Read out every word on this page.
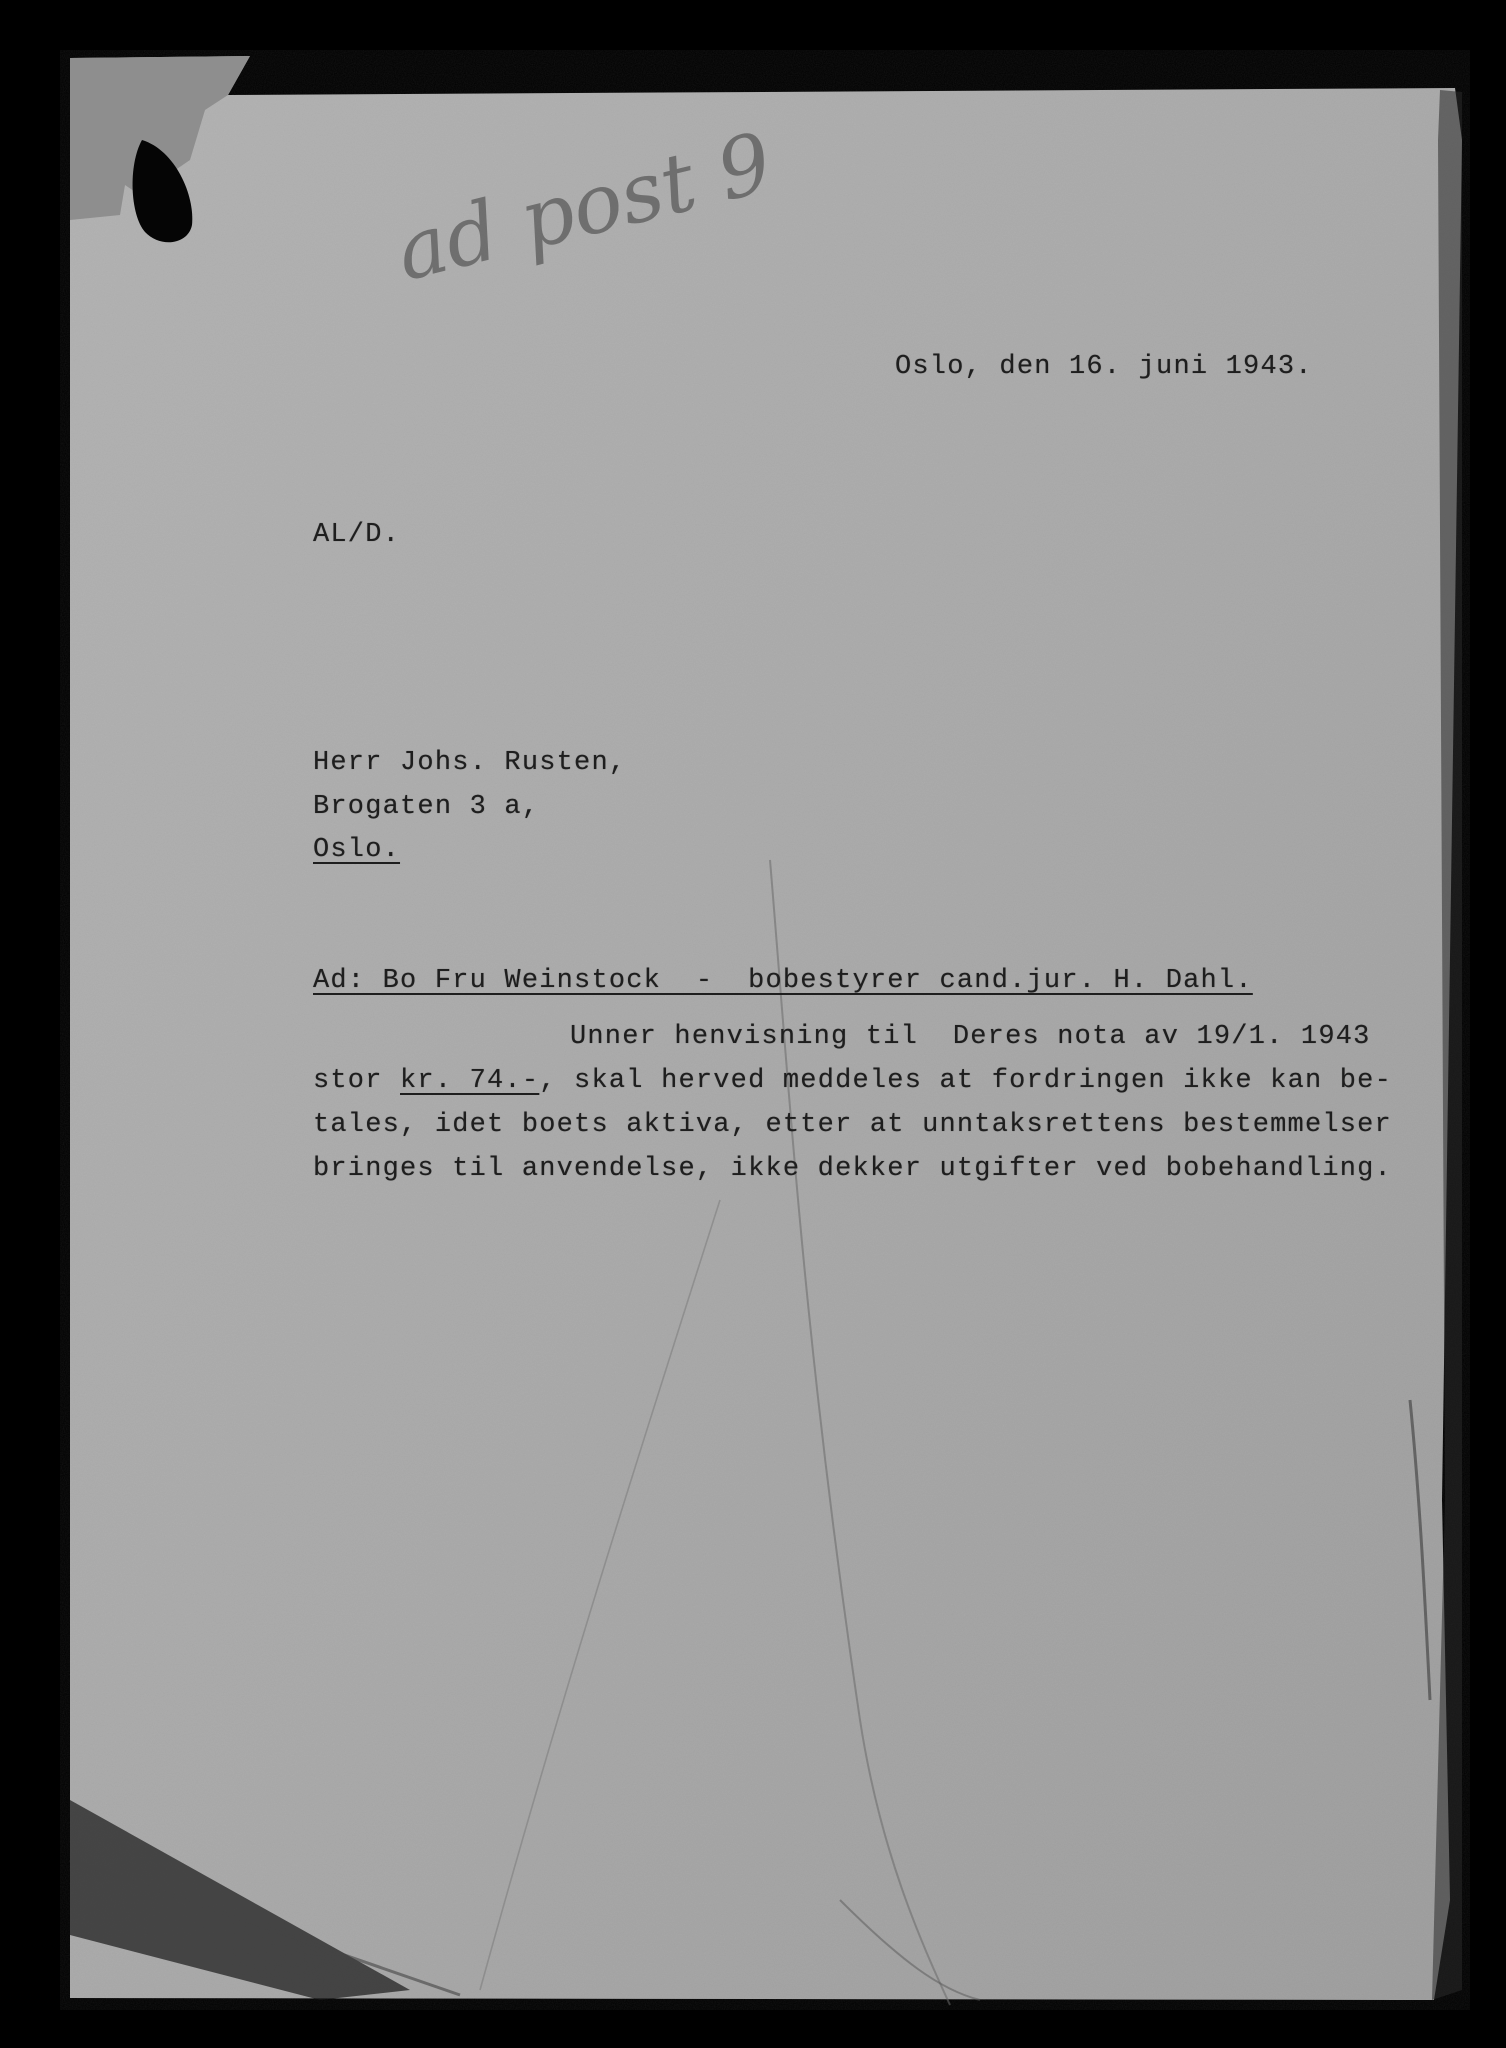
ad post 9
Oslo, den 16. juni 1943.
AL/D.
Herr Johs. Rusten,
Brogaten 3 a,
Oslo.
Ad: Bo Fru Weinstock  -  bobestyrer cand.jur. H. Dahl.
Unner henvisning til  Deres nota av 19/1. 1943
stor kr. 74.-, skal herved meddeles at fordringen ikke kan be-
tales, idet boets aktiva, etter at unntaksrettens bestemmelser
bringes til anvendelse, ikke dekker utgifter ved bobehandling.
